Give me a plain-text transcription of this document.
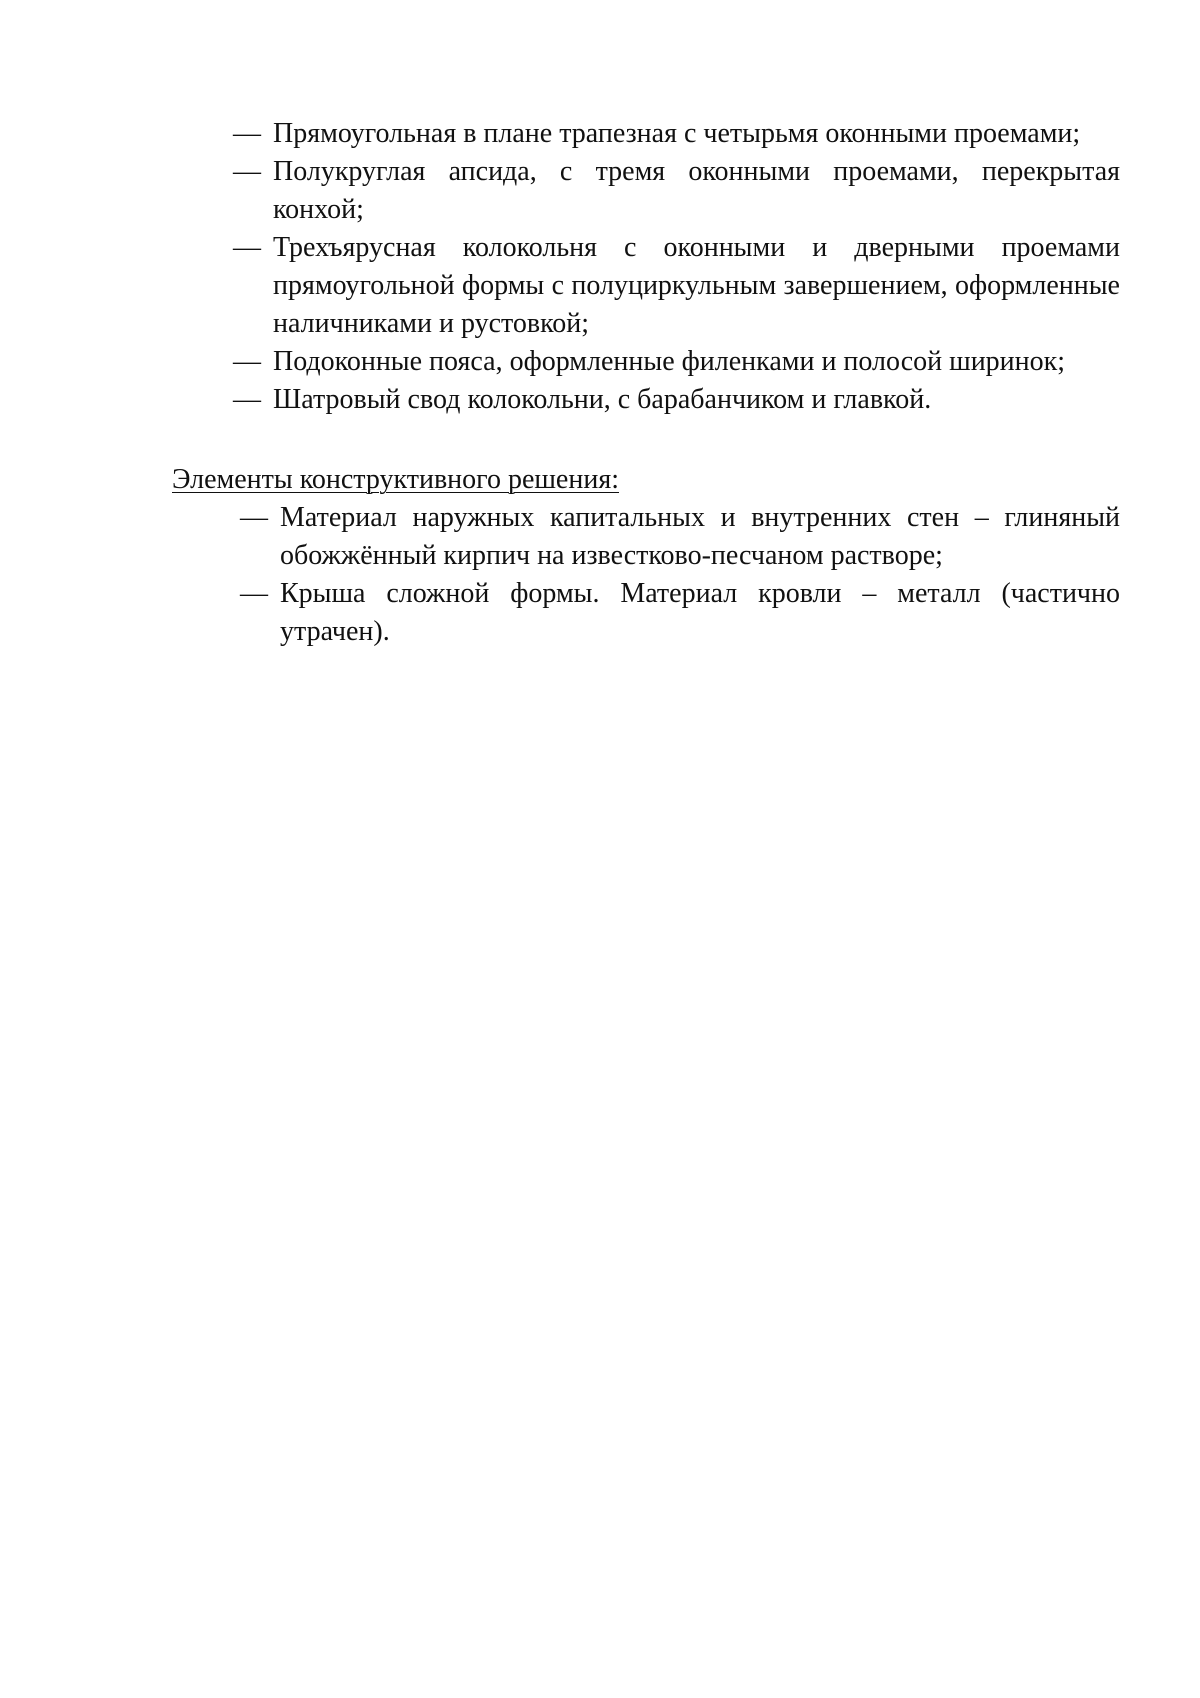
— Прямоугольная в плане трапезная с четырьмя оконными проемами;
— Полукруглая апсида, с тремя оконными проемами, перекрытая конхой;
— Трехъярусная колокольня с оконными и дверными проемами прямоугольной формы с полуциркульным завершением, оформленные наличниками и рустовкой;
— Подоконные пояса, оформленные филенками и полосой ширинок;
— Шатровый свод колокольни, с барабанчиком и главкой.
Элементы конструктивного решения:
— Материал наружных капитальных и внутренних стен – глиняный обожжённый кирпич на известково-песчаном растворе;
— Крыша сложной формы. Материал кровли – металл (частично утрачен).
